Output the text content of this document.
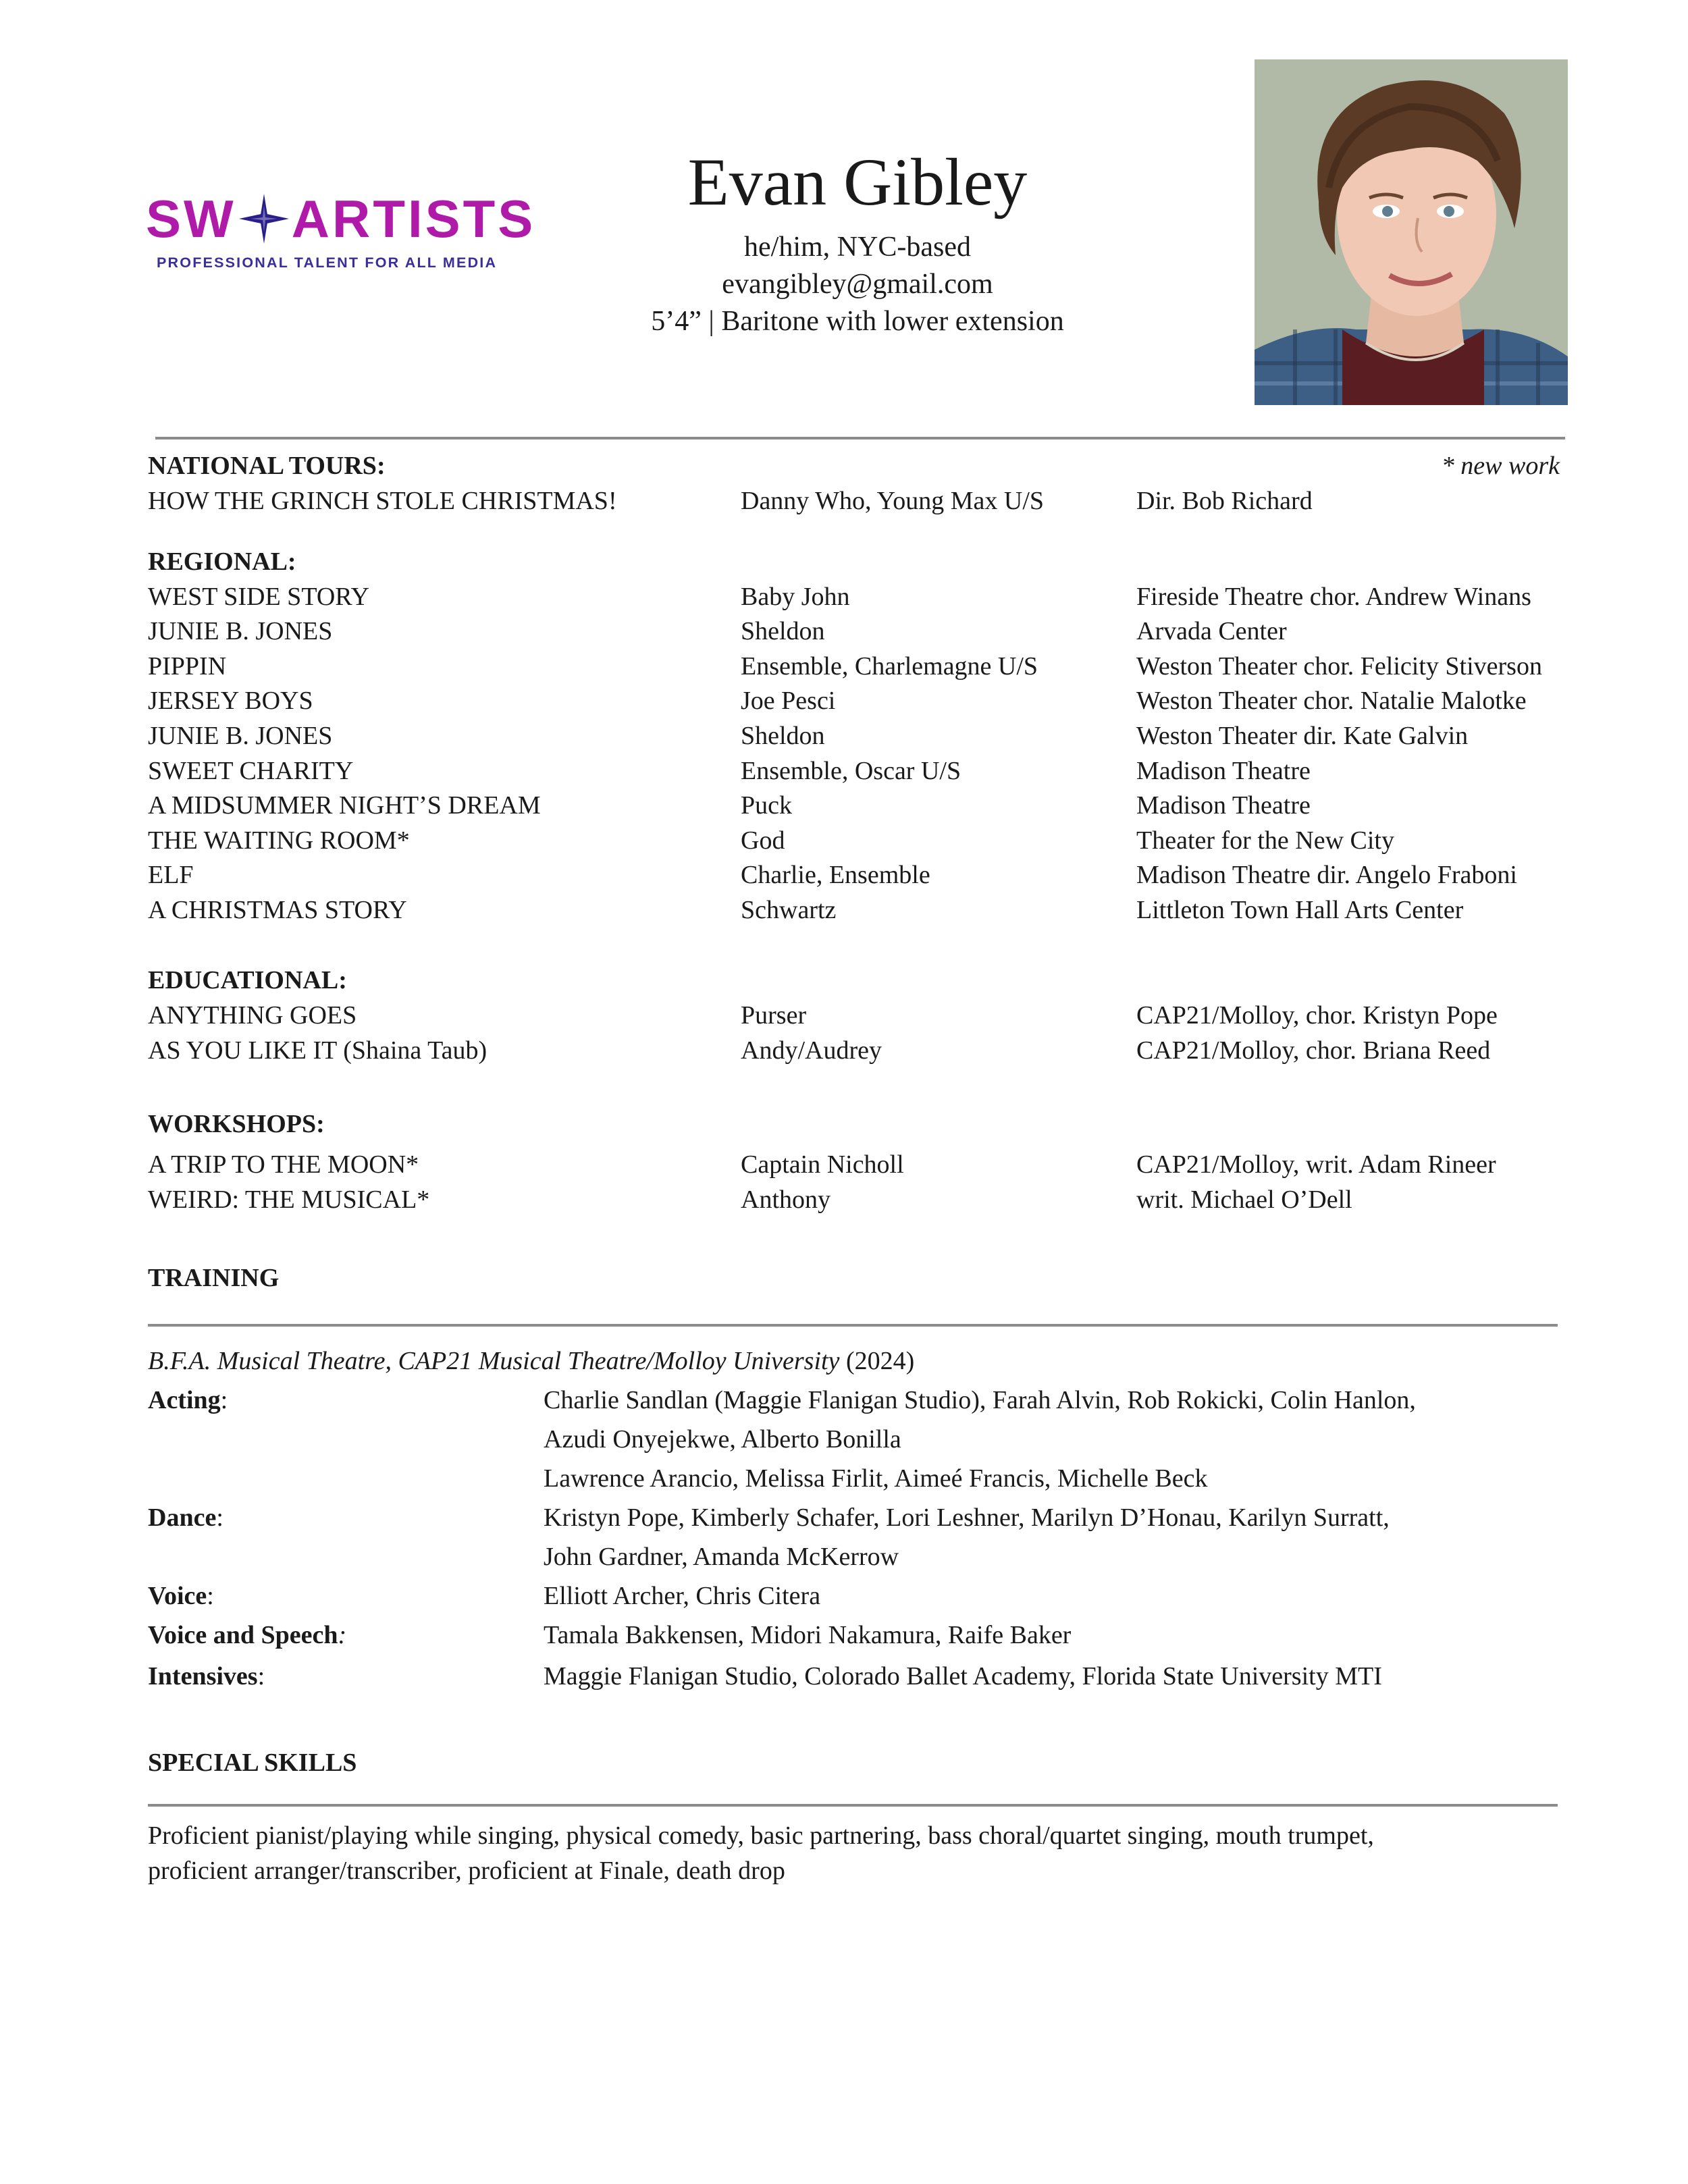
SW ARTISTS
PROFESSIONAL TALENT FOR ALL MEDIA
Evan Gibley
he/him, NYC-based
evangibley@gmail.com
5’4” | Baritone with lower extension
NATIONAL TOURS:	* new work
HOW THE GRINCH STOLE CHRISTMAS!	Danny Who, Young Max U/S	Dir. Bob Richard
REGIONAL:
WEST SIDE STORY	Baby John	Fireside Theatre chor. Andrew Winans
JUNIE B. JONES	Sheldon	Arvada Center
PIPPIN	Ensemble, Charlemagne U/S	Weston Theater chor. Felicity Stiverson
JERSEY BOYS	Joe Pesci	Weston Theater chor. Natalie Malotke
JUNIE B. JONES	Sheldon	Weston Theater dir. Kate Galvin
SWEET CHARITY	Ensemble, Oscar U/S	Madison Theatre
A MIDSUMMER NIGHT’S DREAM	Puck	Madison Theatre
THE WAITING ROOM*	God	Theater for the New City
ELF	Charlie, Ensemble	Madison Theatre dir. Angelo Fraboni
A CHRISTMAS STORY	Schwartz	Littleton Town Hall Arts Center
EDUCATIONAL:
ANYTHING GOES	Purser	CAP21/Molloy, chor. Kristyn Pope
AS YOU LIKE IT (Shaina Taub)	Andy/Audrey	CAP21/Molloy, chor. Briana Reed
WORKSHOPS:
A TRIP TO THE MOON*	Captain Nicholl	CAP21/Molloy, writ. Adam Rineer
WEIRD: THE MUSICAL*	Anthony	writ. Michael O’Dell
TRAINING
B.F.A. Musical Theatre, CAP21 Musical Theatre/Molloy University (2024)
Acting:	Charlie Sandlan (Maggie Flanigan Studio), Farah Alvin, Rob Rokicki, Colin Hanlon,
Azudi Onyejekwe, Alberto Bonilla
Lawrence Arancio, Melissa Firlit, Aimeé Francis, Michelle Beck
Dance:	Kristyn Pope, Kimberly Schafer, Lori Leshner, Marilyn D’Honau, Karilyn Surratt,
John Gardner, Amanda McKerrow
Voice:	Elliott Archer, Chris Citera
Voice and Speech:	Tamala Bakkensen, Midori Nakamura, Raife Baker
Intensives:	Maggie Flanigan Studio, Colorado Ballet Academy, Florida State University MTI
SPECIAL SKILLS
Proficient pianist/playing while singing, physical comedy, basic partnering, bass choral/quartet singing, mouth trumpet,
proficient arranger/transcriber, proficient at Finale, death drop
